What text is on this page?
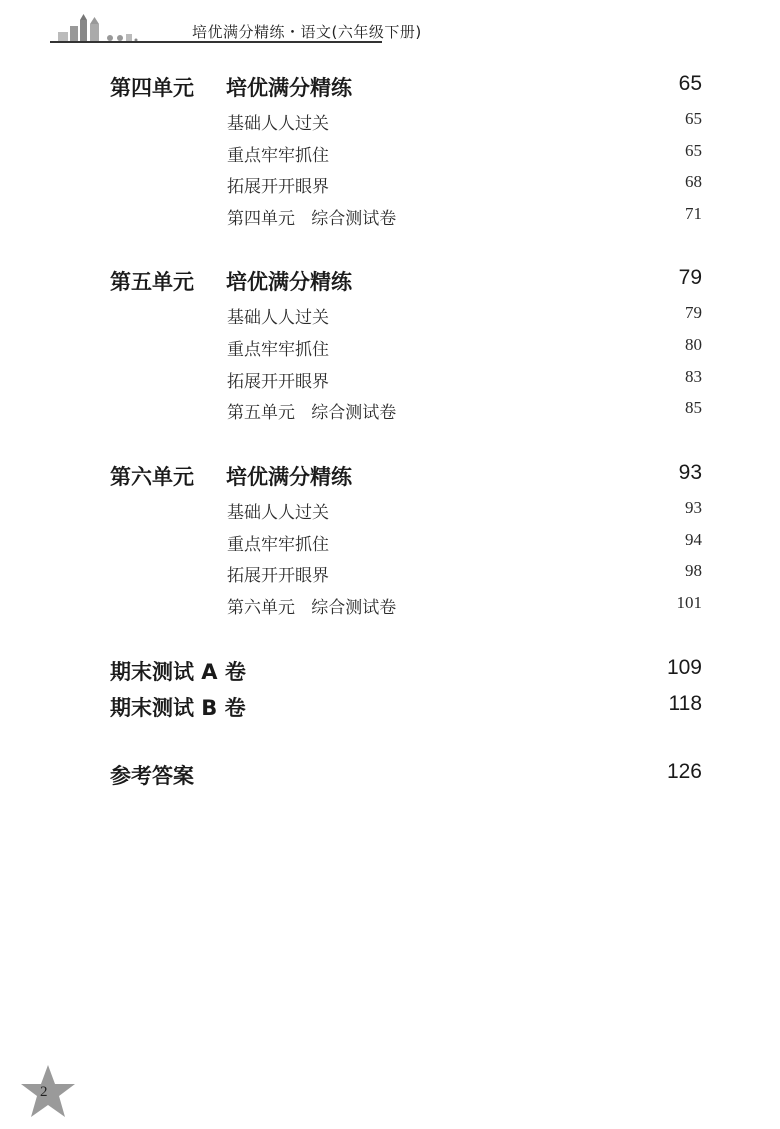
培优满分精练・语文(六年级下册)
第四单元 培优满分精练	65
基础人人过关	65
重点牢牢抓住	65
拓展开开眼界	68
第四单元   综合测试卷	71
第五单元 培优满分精练	79
基础人人过关	79
重点牢牢抓住	80
拓展开开眼界	83
第五单元   综合测试卷	85
第六单元 培优满分精练	93
基础人人过关	93
重点牢牢抓住	94
拓展开开眼界	98
第六单元   综合测试卷	101
期末测试 A 卷	109
期末测试 B 卷	118
参考答案	126
2
